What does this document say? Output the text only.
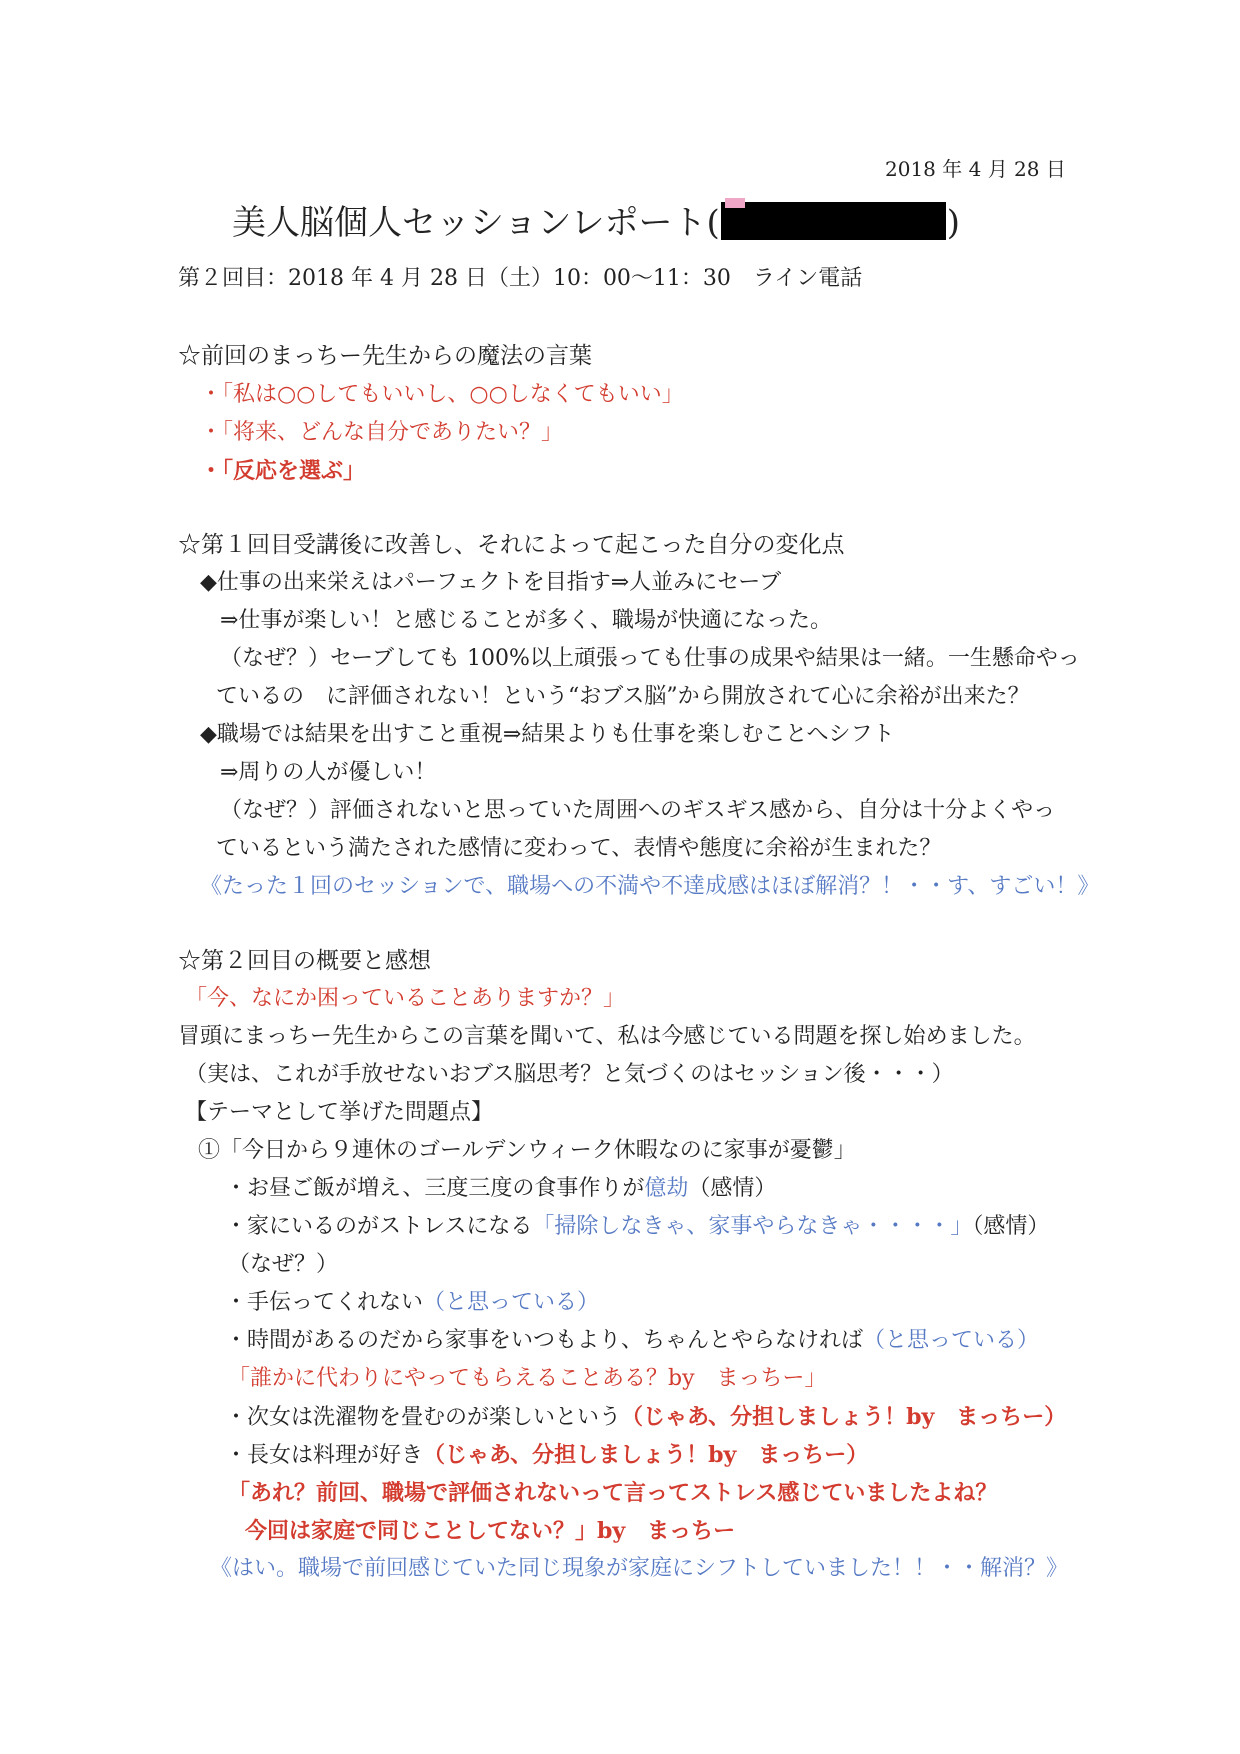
2018 年 4 月 28 日
美人脳個人セッションレポート(	)
第２回目：2018 年 4 月 28 日（土）10：00〜11：30　ライン電話
☆前回のまっちー先生からの魔法の言葉
・「私は○○してもいいし、○○しなくてもいい」
・「将来、どんな自分でありたい？」
・「反応を選ぶ」
☆第１回目受講後に改善し、それによって起こった自分の変化点
◆仕事の出来栄えはパーフェクトを目指す⇒人並みにセーブ
⇒仕事が楽しい！と感じることが多く、職場が快適になった。
（なぜ？）セーブしても 100%以上頑張っても仕事の成果や結果は一緒。一生懸命やっ
ているの　に評価されない！という“おブス脳”から開放されて心に余裕が出来た？
◆職場では結果を出すこと重視⇒結果よりも仕事を楽しむことへシフト
⇒周りの人が優しい！
（なぜ？）評価されないと思っていた周囲へのギスギス感から、自分は十分よくやっ
ているという満たされた感情に変わって、表情や態度に余裕が生まれた？
《たった１回のセッションで、職場への不満や不達成感はほぼ解消？！・・す、すごい！》
☆第２回目の概要と感想
「今、なにか困っていることありますか？」
冒頭にまっちー先生からこの言葉を聞いて、私は今感じている問題を探し始めました。
（実は、これが手放せないおブス脳思考？と気づくのはセッション後・・・）
【テーマとして挙げた問題点】
①「今日から９連休のゴールデンウィーク休暇なのに家事が憂鬱」
・お昼ご飯が増え、三度三度の食事作りが億劫（感情）
・家にいるのがストレスになる「掃除しなきゃ、家事やらなきゃ・・・・」（感情）
（なぜ？）
・手伝ってくれない（と思っている）
・時間があるのだから家事をいつもより、ちゃんとやらなければ（と思っている）
「誰かに代わりにやってもらえることある？by　まっちー」
・次女は洗濯物を畳むのが楽しいという（じゃあ、分担しましょう！by　まっちー）
・長女は料理が好き（じゃあ、分担しましょう！by　まっちー）
「あれ？前回、職場で評価されないって言ってストレス感じていましたよね？
今回は家庭で同じことしてない？」by　まっちー
《はい。職場で前回感じていた同じ現象が家庭にシフトしていました！！・・解消？》
